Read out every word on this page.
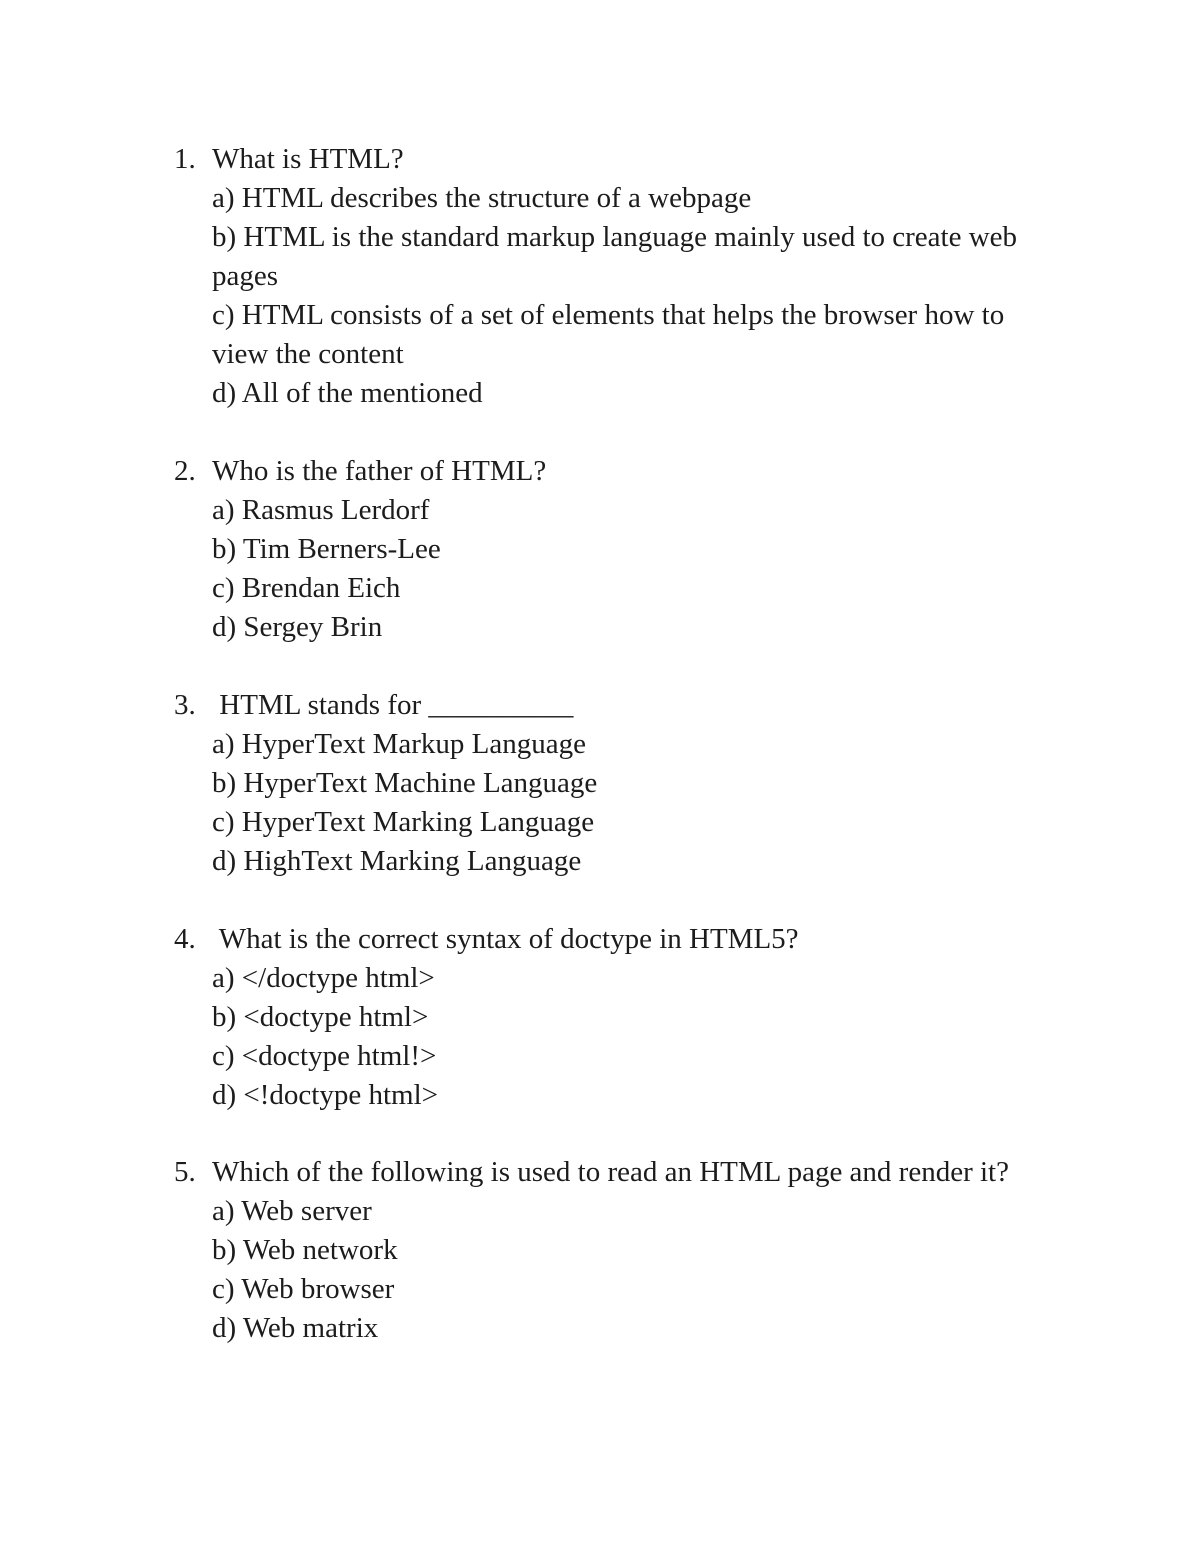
1. What is HTML?
a) HTML describes the structure of a webpage
b) HTML is the standard markup language mainly used to create web pages
c) HTML consists of a set of elements that helps the browser how to view the content
d) All of the mentioned
2. Who is the father of HTML?
a) Rasmus Lerdorf
b) Tim Berners-Lee
c) Brendan Eich
d) Sergey Brin
3. HTML stands for __________
a) HyperText Markup Language
b) HyperText Machine Language
c) HyperText Marking Language
d) HighText Marking Language
4. What is the correct syntax of doctype in HTML5?
a) </doctype html>
b) <doctype html>
c) <doctype html!>
d) <!doctype html>
5. Which of the following is used to read an HTML page and render it?
a) Web server
b) Web network
c) Web browser
d) Web matrix
